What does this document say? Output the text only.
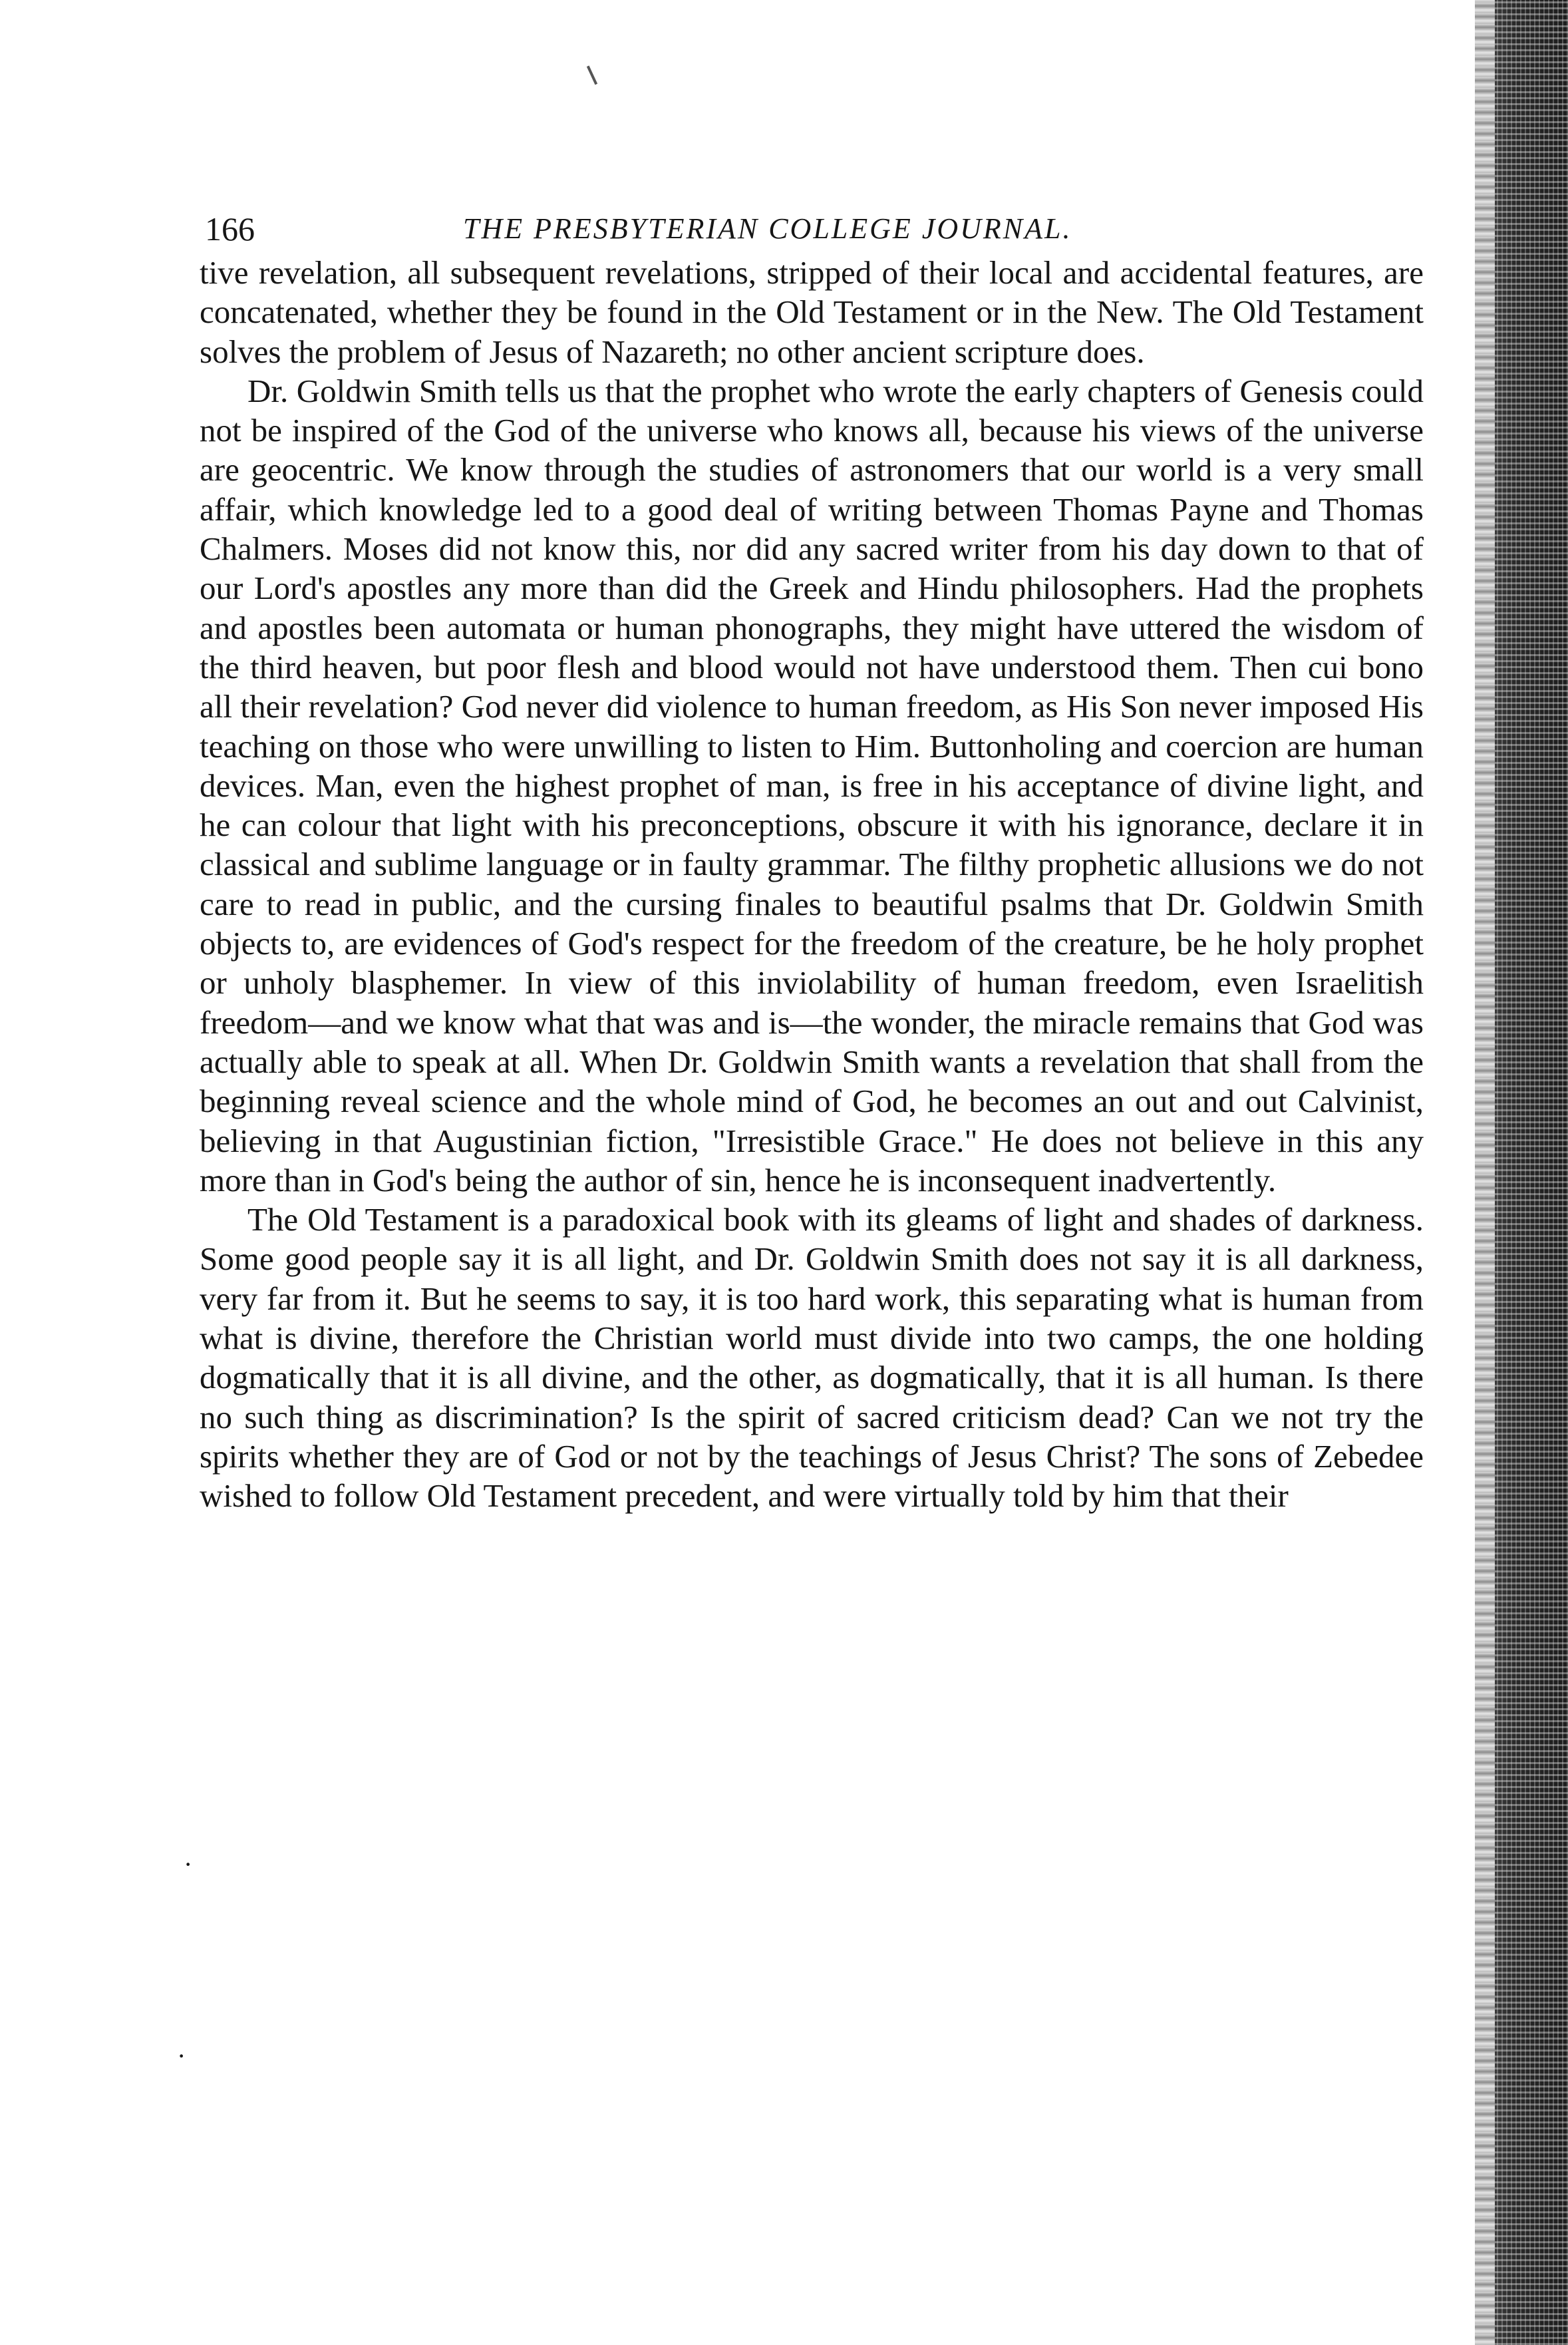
166	THE PRESBYTERIAN COLLEGE JOURNAL.

tive revelation, all subsequent revelations, stripped of their local and accidental features, are concatenated, whether they be found in the Old Testament or in the New. The Old Testament solves the problem of Jesus of Nazareth; no other ancient scripture does.

Dr. Goldwin Smith tells us that the prophet who wrote the early chapters of Genesis could not be inspired of the God of the universe who knows all, because his views of the universe are geocentric. We know through the studies of astronomers that our world is a very small affair, which knowledge led to a good deal of writing between Thomas Payne and Thomas Chalmers. Moses did not know this, nor did any sacred writer from his day down to that of our Lord's apostles any more than did the Greek and Hindu philosophers. Had the prophets and apostles been automata or human phonographs, they might have uttered the wisdom of the third heaven, but poor flesh and blood would not have understood them. Then cui bono all their revelation? God never did violence to human freedom, as His Son never imposed His teaching on those who were unwilling to listen to Him. Buttonholing and coercion are human devices. Man, even the highest prophet of man, is free in his acceptance of divine light, and he can colour that light with his preconceptions, obscure it with his ignorance, declare it in classical and sublime language or in faulty grammar. The filthy prophetic allusions we do not care to read in public, and the cursing finales to beautiful psalms that Dr. Goldwin Smith objects to, are evidences of God's respect for the freedom of the creature, be he holy prophet or unholy blasphemer. In view of this inviolability of human freedom, even Israelitish freedom—and we know what that was and is—the wonder, the miracle remains that God was actually able to speak at all. When Dr. Goldwin Smith wants a revelation that shall from the beginning reveal science and the whole mind of God, he becomes an out and out Calvinist, believing in that Augustinian fiction, "Irresistible Grace." He does not believe in this any more than in God's being the author of sin, hence he is inconsequent inadvertently.

The Old Testament is a paradoxical book with its gleams of light and shades of darkness. Some good people say it is all light, and Dr. Goldwin Smith does not say it is all darkness, very far from it. But he seems to say, it is too hard work, this separating what is human from what is divine, therefore the Christian world must divide into two camps, the one holding dogmatically that it is all divine, and the other, as dogmatically, that it is all human. Is there no such thing as discrimination? Is the spirit of sacred criticism dead? Can we not try the spirits whether they are of God or not by the teachings of Jesus Christ? The sons of Zebedee wished to follow Old Testament precedent, and were virtually told by him that their

·
·
